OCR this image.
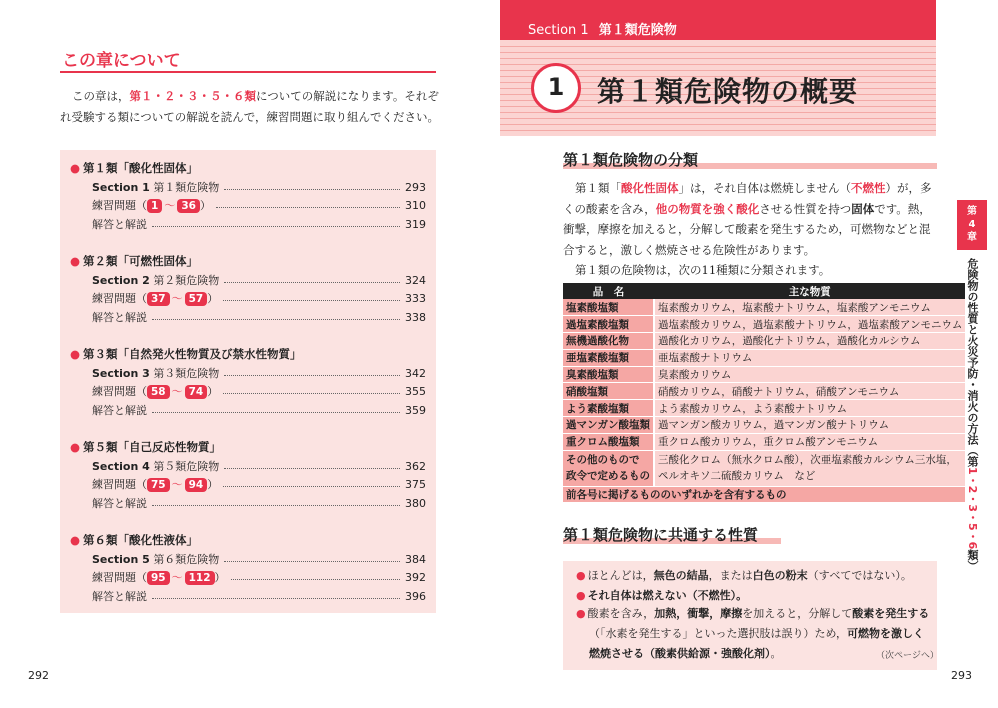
この章について
この章は，第１・２・３・５・６類についての解説になります。それぞれ受験する類についての解説を読んで，練習問題に取り組んでください。
● 第１類「酸化性固体」
Section 1 第１類危険物	293
練習問題（ 1 〜 36 ）	310
解答と解説	319
● 第２類「可燃性固体」
Section 2 第２類危険物	324
練習問題（ 37 〜 57 ）	333
解答と解説	338
● 第３類「自然発火性物質及び禁水性物質」
Section 3 第３類危険物	342
練習問題（ 58 〜 74 ）	355
解答と解説	359
● 第５類「自己反応性物質」
Section 4 第５類危険物	362
練習問題（ 75 〜 94 ）	375
解答と解説	380
● 第６類「酸化性液体」
Section 5 第６類危険物	384
練習問題（ 95 〜 112 ）	392
解答と解説	396
292
Section 1 第１類危険物
1	第１類危険物の概要
第１類危険物の分類

第１類「酸化性固体」は，それ自体は燃焼しません（不燃性）が，多くの酸素を含み，他の物質を強く酸化させる性質を持つ固体です。熱，衝撃，摩擦を加えると，分解して酸素を発生するため，可燃物などと混合すると，激しく燃焼させる危険性があります。

第１類の危険物は，次の11種類に分類されます。

品　名	主な物質
塩素酸塩類	塩素酸カリウム，塩素酸ナトリウム，塩素酸アンモニウム
過塩素酸塩類	過塩素酸カリウム，過塩素酸ナトリウム，過塩素酸アンモニウム
無機過酸化物	過酸化カリウム，過酸化ナトリウム，過酸化カルシウム
亜塩素酸塩類	亜塩素酸ナトリウム
臭素酸塩類	臭素酸カリウム
硝酸塩類	硝酸カリウム，硝酸ナトリウム，硝酸アンモニウム
よう素酸塩類	よう素酸カリウム，よう素酸ナトリウム
過マンガン酸塩類	過マンガン酸カリウム，過マンガン酸ナトリウム
重クロム酸塩類	重クロム酸カリウム，重クロム酸アンモニウム
その他のもので
政令で定めるもの	三酸化クロム（無水クロム酸），次亜塩素酸カルシウム三水塩，
ペルオキソ二硫酸カリウム　など
前各号に掲げるもののいずれかを含有するもの	
第１類危険物に共通する性質
● ほとんどは，無色の結晶，または白色の粉末（すべてではない）。
● それ自体は燃えない（不燃性）。
● 酸素を含み，加熱，衝撃，摩擦を加えると，分解して酸素を発生する（「水素を発生する」といった選択肢は誤り）ため，可燃物を激しく燃焼させる（酸素供給源・強酸化剤）。	（次ページへ）
第
4
章
危険物の性質と火災予防・消火の方法（第1・2・3・5・6類）
293
